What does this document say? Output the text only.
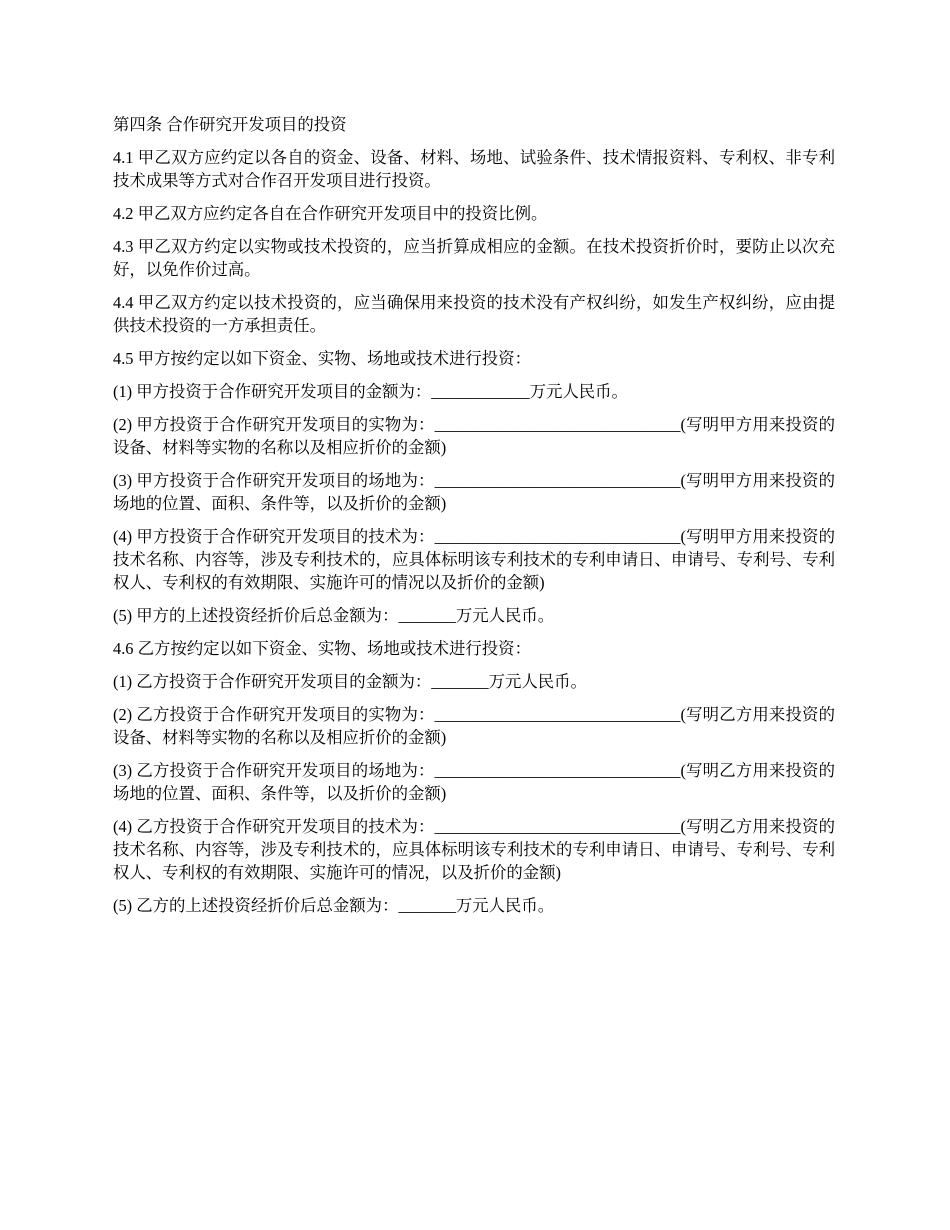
第四条 合作研究开发项目的投资

4.1 甲乙双方应约定以各自的资金、设备、材料、场地、试验条件、技术情报资料、专利权、非专利技术成果等方式对合作召开发项目进行投资。

4.2 甲乙双方应约定各自在合作研究开发项目中的投资比例。

4.3 甲乙双方约定以实物或技术投资的，应当折算成相应的金额。在技术投资折价时，要防止以次充好，以免作价过高。

4.4 甲乙双方约定以技术投资的，应当确保用来投资的技术没有产权纠纷，如发生产权纠纷，应由提供技术投资的一方承担责任。

4.5 甲方按约定以如下资金、实物、场地或技术进行投资：

(1) 甲方投资于合作研究开发项目的金额为：____________万元人民币。

(2) 甲方投资于合作研究开发项目的实物为：______________________________(写明甲方用来投资的设备、材料等实物的名称以及相应折价的金额)

(3) 甲方投资于合作研究开发项目的场地为：______________________________(写明甲方用来投资的场地的位置、面积、条件等，以及折价的金额)

(4) 甲方投资于合作研究开发项目的技术为：______________________________(写明甲方用来投资的技术名称、内容等，涉及专利技术的，应具体标明该专利技术的专利申请日、申请号、专利号、专利权人、专利权的有效期限、实施许可的情况以及折价的金额)

(5) 甲方的上述投资经折价后总金额为：_______万元人民币。

4.6 乙方按约定以如下资金、实物、场地或技术进行投资：

(1) 乙方投资于合作研究开发项目的金额为：_______万元人民币。

(2) 乙方投资于合作研究开发项目的实物为：______________________________(写明乙方用来投资的设备、材料等实物的名称以及相应折价的金额)

(3) 乙方投资于合作研究开发项目的场地为：______________________________(写明乙方用来投资的场地的位置、面积、条件等，以及折价的金额)

(4) 乙方投资于合作研究开发项目的技术为：______________________________(写明乙方用来投资的技术名称、内容等，涉及专利技术的，应具体标明该专利技术的专利申请日、申请号、专利号、专利权人、专利权的有效期限、实施许可的情况，以及折价的金额)

(5) 乙方的上述投资经折价后总金额为：_______万元人民币。
